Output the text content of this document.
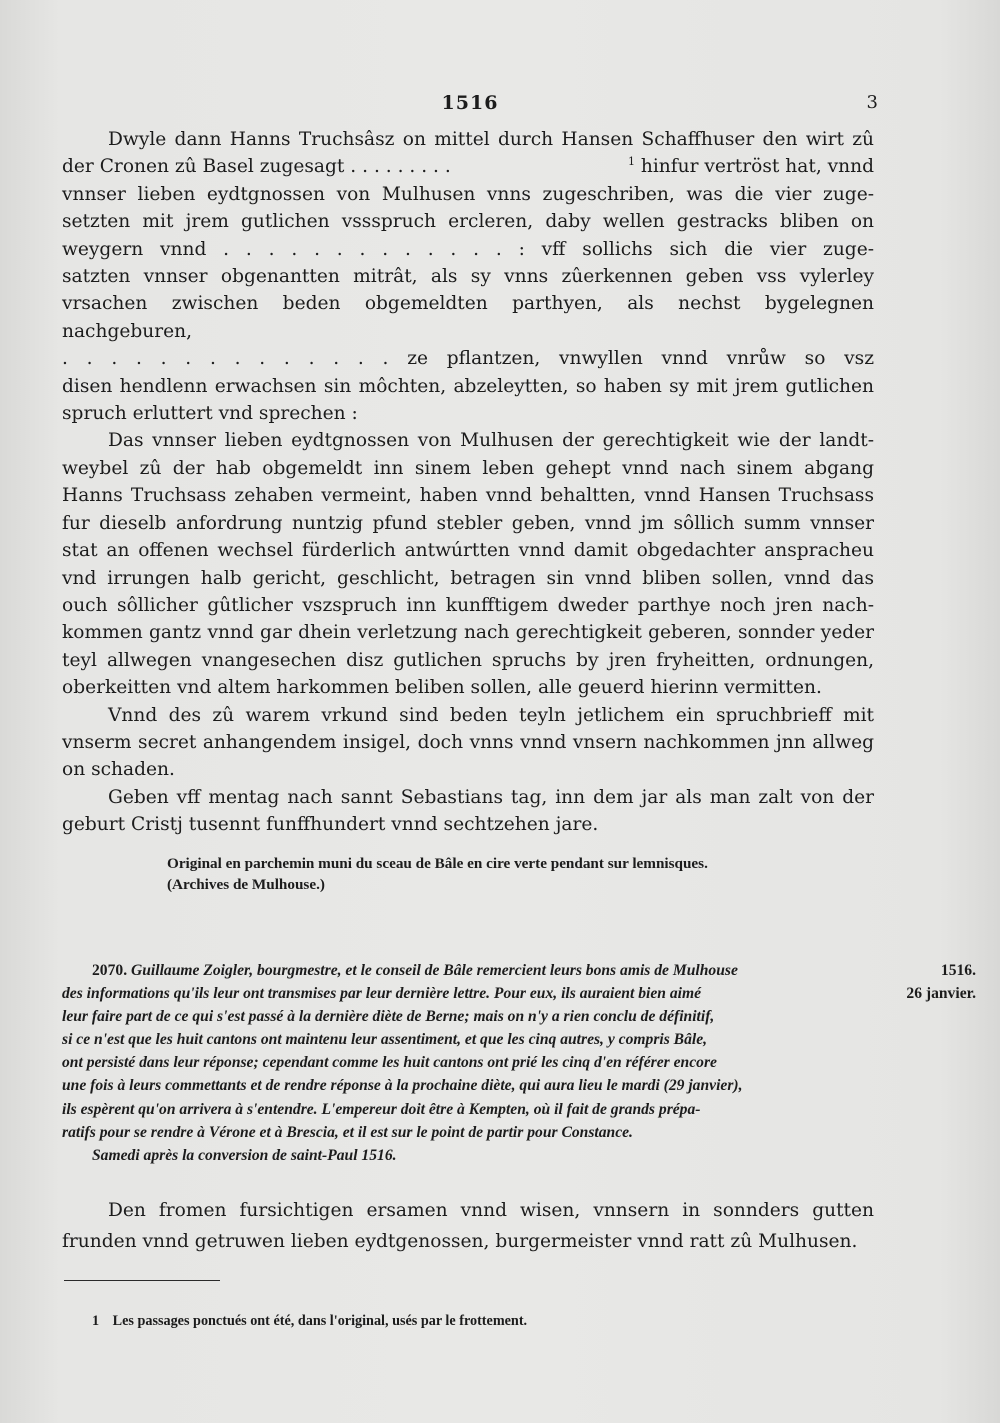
1516	3
Dwyle dann Hanns Truchsâsz on mittel durch Hansen Schaffhuser den wirt zû
der Cronen zû Basel zugesagt . . . . . . . . .	$^1$ hinfur vertröst hat, vnnd
vnnser lieben eydtgnossen von Mulhusen vnns zugeschriben, was die vier zuge-
setzten mit jrem gutlichen vssspruch ercleren, daby wellen gestracks bliben on
weygern vnnd . . . . . . . . . . . . . : vff sollichs sich die vier zuge-
satzten vnnser obgenantten mitrât, als sy vnns zûerkennen geben vss vylerley
vrsachen zwischen beden obgemeldten parthyen, als nechst bygelegnen nachgeburen,
. . . . . . . . . . . . . . ze pflantzen, vnwyllen vnnd vnrůw so vsz
disen hendlenn erwachsen sin môchten, abzeleytten, so haben sy mit jrem gutlichen
spruch erluttert vnd sprechen :
Das vnnser lieben eydtgnossen von Mulhusen der gerechtigkeit wie der landt-
weybel zû der hab obgemeldt inn sinem leben gehept vnnd nach sinem abgang
Hanns Truchsass zehaben vermeint, haben vnnd behaltten, vnnd Hansen Truchsass
fur dieselb anfordrung nuntzig pfund stebler geben, vnnd jm sôllich summ vnnser
stat an offenen wechsel fürderlich antwúrtten vnnd damit obgedachter anspracheu
vnd irrungen halb gericht, geschlicht, betragen sin vnnd bliben sollen, vnnd das
ouch sôllicher gûtlicher vszspruch inn kunfftigem dweder parthye noch jren nach-
kommen gantz vnnd gar dhein verletzung nach gerechtigkeit geberen, sonnder yeder
teyl allwegen vnangesechen disz gutlichen spruchs by jren fryheitten, ordnungen,
oberkeitten vnd altem harkommen beliben sollen, alle geuerd hierinn vermitten.
Vnnd des zû warem vrkund sind beden teyln jetlichem ein spruchbrieff mit
vnserm secret anhangendem insigel, doch vnns vnnd vnsern nachkommen jnn allweg
on schaden.
Geben vff mentag nach sannt Sebastians tag, inn dem jar als man zalt von der
geburt Cristj tusennt funffhundert vnnd sechtzehen jare.
Original en parchemin muni du sceau de Bâle en cire verte pendant sur lemnisques.
(Archives de Mulhouse.)
2070. Guillaume Zoigler, bourgmestre, et le conseil de Bâle remercient leurs bons amis de Mulhouse
des informations qu'ils leur ont transmises par leur dernière lettre. Pour eux, ils auraient bien aimé
leur faire part de ce qui s'est passé à la dernière diète de Berne; mais on n'y a rien conclu de définitif,
si ce n'est que les huit cantons ont maintenu leur assentiment, et que les cinq autres, y compris Bâle,
ont persisté dans leur réponse; cependant comme les huit cantons ont prié les cinq d'en référer encore
une fois à leurs commettants et de rendre réponse à la prochaine diète, qui aura lieu le mardi (29 janvier),
ils espèrent qu'on arrivera à s'entendre. L'empereur doit être à Kempten, où il fait de grands prépa-
ratifs pour se rendre à Vérone et à Brescia, et il est sur le point de partir pour Constance.
Samedi après la conversion de saint-Paul 1516.
1516.
26 janvier.
Den fromen fursichtigen ersamen vnnd wisen, vnnsern in sonnders gutten
frunden vnnd getruwen lieben eydtgenossen, burgermeister vnnd ratt zû Mulhusen.
1 Les passages ponctués ont été, dans l'original, usés par le frottement.
